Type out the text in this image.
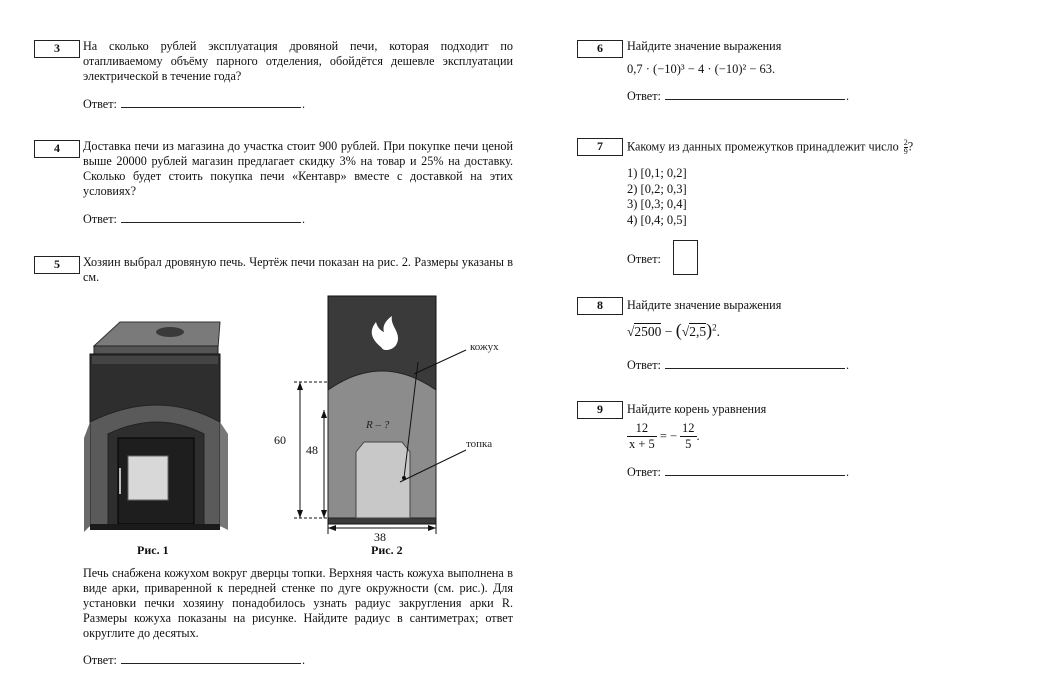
3	На сколько рублей эксплуатация дровяной печи, которая подходит по отапливаемому объёму парного отделения, обойдётся дешевле эксплуатации электрической в течение года?
Ответ:	.
4	Доставка печи из магазина до участка стоит 900 рублей. При покупке печи ценой выше 20000 рублей магазин предлагает скидку 3% на товар и 25% на доставку. Сколько будет стоить покупка печи «Кентавр» вместе с доставкой на этих условиях?
Ответ:	.
5	Хозяин выбрал дровяную печь. Чертёж печи показан на рис. 2. Размеры указаны в см.
Рис. 1
R – ?
кожух
топка
60
48
38
Рис. 2
Печь снабжена кожухом вокруг дверцы топки. Верхняя часть кожуха выполнена в виде арки, приваренной к передней стенке по дуге окружности (см. рис.). Для установки печки хозяину понадобилось узнать радиус закругления арки R. Размеры кожуха показаны на рисунке. Найдите радиус в сантиметрах; ответ округлите до десятых.
Ответ:	.
6	Найдите значение выражения
0,7 · (−10)³ − 4 · (−10)² − 63.
Ответ:	.
7	Какому из данных промежутков принадлежит число $\frac{2}{9}$ ?
1) [0,1; 0,2]
2) [0,2; 0,3]
3) [0,3; 0,4]
4) [0,4; 0,5]
Ответ:
8	Найдите значение выражения
$√2500 - (√2,5)^2$.
Ответ:	.
9	Найдите корень уравнения
$\frac{12}{x + 5}$ = − $\frac{12}{5}$ .
Ответ:	.
